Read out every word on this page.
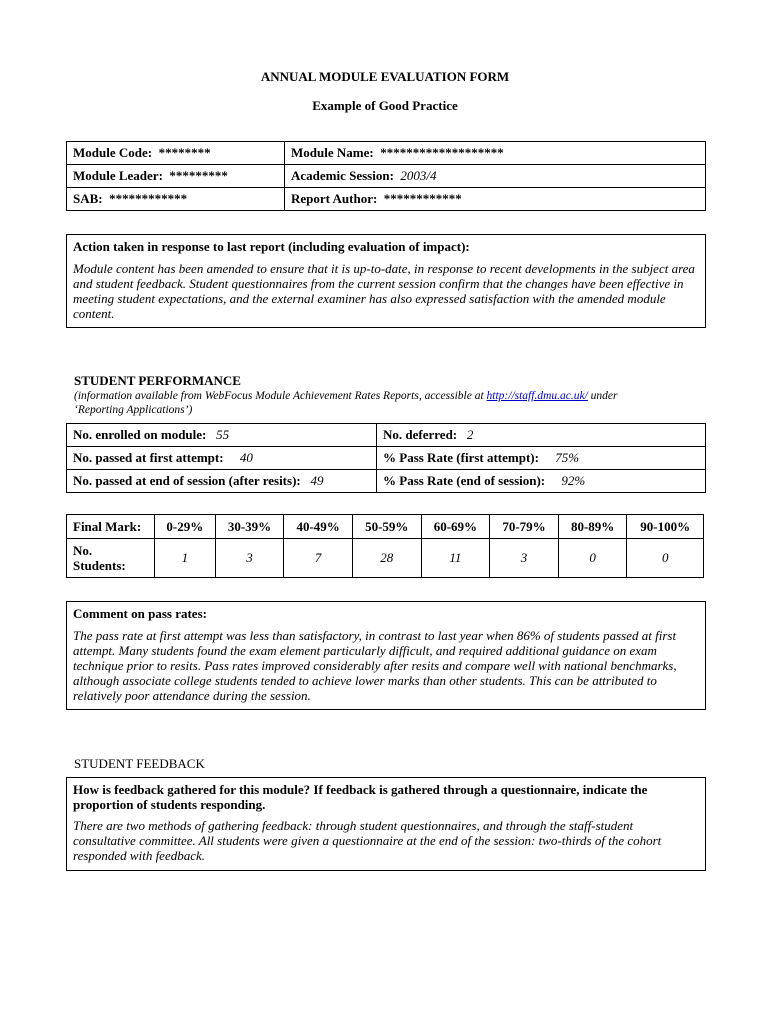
ANNUAL MODULE EVALUATION FORM
Example of Good Practice
Module Code: ********	Module Name: *******************
Module Leader: *********	Academic Session: 2003/4
SAB: ************	Report Author: ************

Action taken in response to last report (including evaluation of impact):

Module content has been amended to ensure that it is up-to-date, in response to recent developments in the subject area and student feedback. Student questionnaires from the current session confirm that the changes have been effective in meeting student expectations, and the external examiner has also expressed satisfaction with the amended module content.

STUDENT PERFORMANCE
(information available from WebFocus Module Achievement Rates Reports, accessible at http://staff.dmu.ac.uk/ under
‘Reporting Applications’)
No. enrolled on module: 55	No. deferred: 2
No. passed at first attempt: 40	% Pass Rate (first attempt): 75%
No. passed at end of session (after resits): 49	% Pass Rate (end of session): 92%
Final Mark:	0-29%	30-39%	40-49%	50-59%	60-69%	70-79%	80-89%	90-100%
No.
Students:	1	3	7	28	11	3	0	0

Comment on pass rates:

The pass rate at first attempt was less than satisfactory, in contrast to last year when 86% of students passed at first attempt. Many students found the exam element particularly difficult, and required additional guidance on exam technique prior to resits. Pass rates improved considerably after resits and compare well with national benchmarks, although associate college students tended to achieve lower marks than other students. This can be attributed to relatively poor attendance during the session.

STUDENT FEEDBACK

How is feedback gathered for this module? If feedback is gathered through a questionnaire, indicate the proportion of students responding.

There are two methods of gathering feedback: through student questionnaires, and through the staff-student consultative committee. All students were given a questionnaire at the end of the session: two-thirds of the cohort responded with feedback.
